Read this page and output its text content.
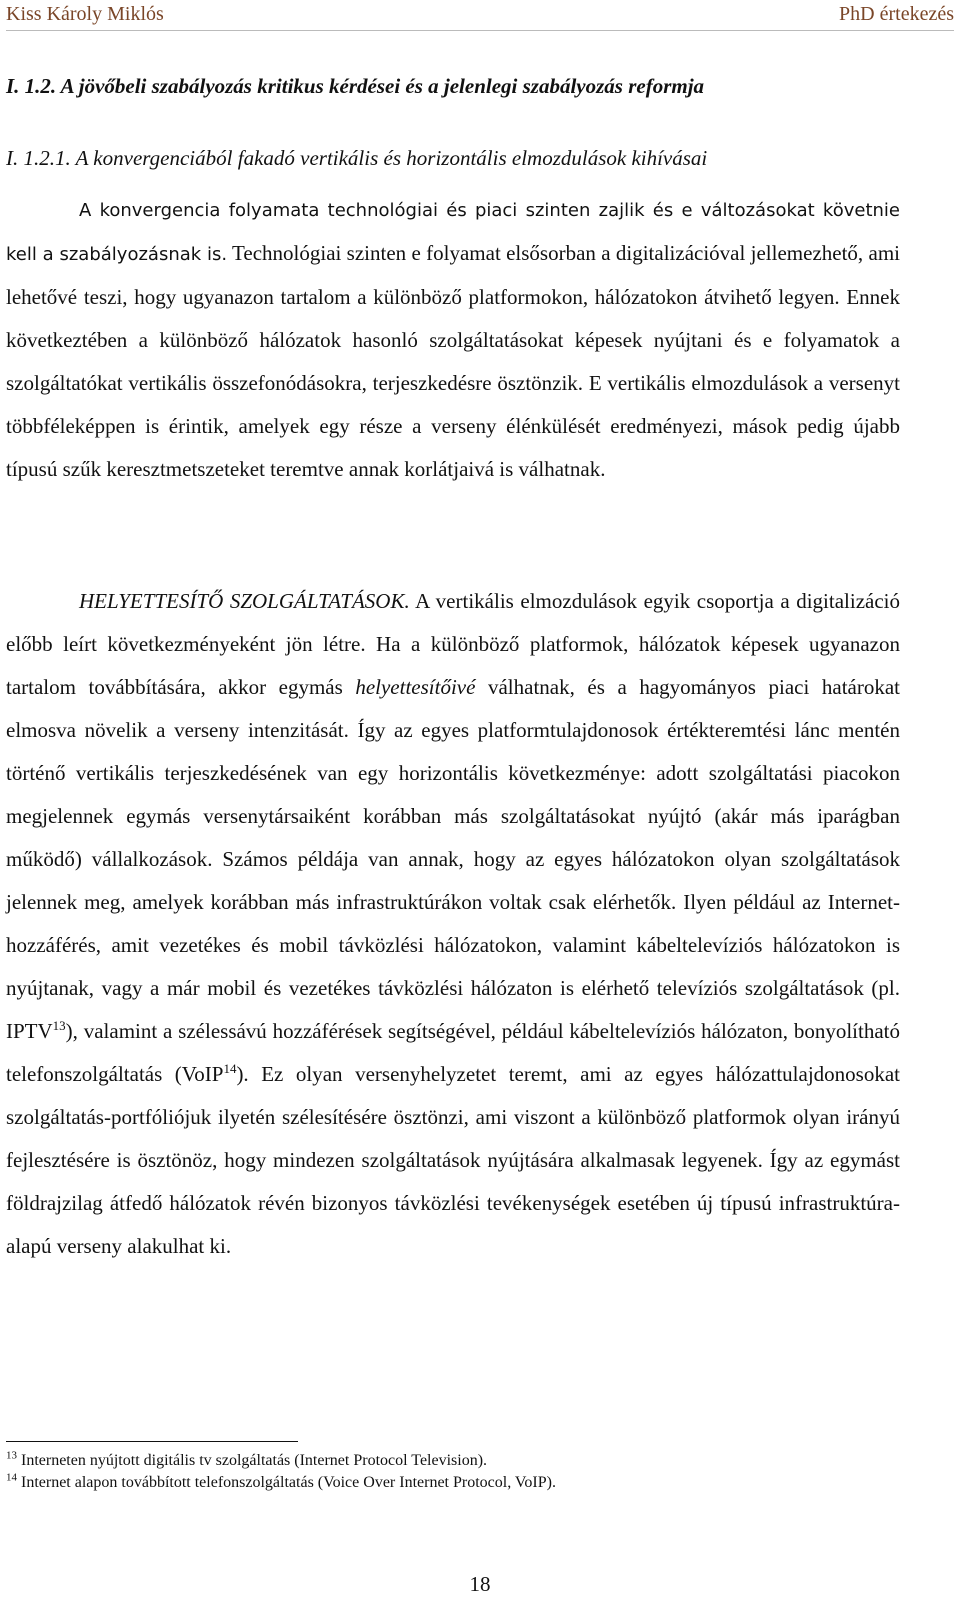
Kiss Károly Miklós	PhD értekezés
I. 1.2. A jövőbeli szabályozás kritikus kérdései és a jelenlegi szabályozás reformja
I. 1.2.1. A konvergenciából fakadó vertikális és horizontális elmozdulások kihívásai

A konvergencia folyamata technológiai és piaci szinten zajlik és e változásokat követnie kell a szabályozásnak is. Technológiai szinten e folyamat elsősorban a digitalizációval jellemezhető, ami lehetővé teszi, hogy ugyanazon tartalom a különböző platformokon, hálózatokon átvihető legyen. Ennek következtében a különböző hálózatok hasonló szolgáltatásokat képesek nyújtani és e folyamatok a szolgáltatókat vertikális összefonódásokra, terjeszkedésre ösztönzik. E vertikális elmozdulások a versenyt többféleképpen is érintik, amelyek egy része a verseny élénkülését eredményezi, mások pedig újabb típusú szűk keresztmetszeteket teremtve annak korlátjaivá is válhatnak.

HELYETTESÍTŐ SZOLGÁLTATÁSOK. A vertikális elmozdulások egyik csoportja a digitalizáció előbb leírt következményeként jön létre. Ha a különböző platformok, hálózatok képesek ugyanazon tartalom továbbítására, akkor egymás helyettesítőivé válhatnak, és a hagyományos piaci határokat elmosva növelik a verseny intenzitását. Így az egyes platformtulajdonosok értékteremtési lánc mentén történő vertikális terjeszkedésének van egy horizontális következménye: adott szolgáltatási piacokon megjelennek egymás versenytársaiként korábban más szolgáltatásokat nyújtó (akár más iparágban működő) vállalkozások. Számos példája van annak, hogy az egyes hálózatokon olyan szolgáltatások jelennek meg, amelyek korábban más infrastruktúrákon voltak csak elérhetők. Ilyen például az Internet-hozzáférés, amit vezetékes és mobil távközlési hálózatokon, valamint kábeltelevíziós hálózatokon is nyújtanak, vagy a már mobil és vezetékes távközlési hálózaton is elérhető televíziós szolgáltatások (pl. IPTV$^{13}$), valamint a szélessávú hozzáférések segítségével, például kábeltelevíziós hálózaton, bonyolítható telefonszolgáltatás (VoIP$^{14}$). Ez olyan versenyhelyzetet teremt, ami az egyes hálózattulajdonosokat szolgáltatás-portfóliójuk ilyetén szélesítésére ösztönzi, ami viszont a különböző platformok olyan irányú fejlesztésére is ösztönöz, hogy mindezen szolgáltatások nyújtására alkalmasak legyenek. Így az egymást földrajzilag átfedő hálózatok révén bizonyos távközlési tevékenységek esetében új típusú infrastruktúra-alapú verseny alakulhat ki.

$^{13}$ Interneten nyújtott digitális tv szolgáltatás (Internet Protocol Television).
$^{14}$ Internet alapon továbbított telefonszolgáltatás (Voice Over Internet Protocol, VoIP).
18
